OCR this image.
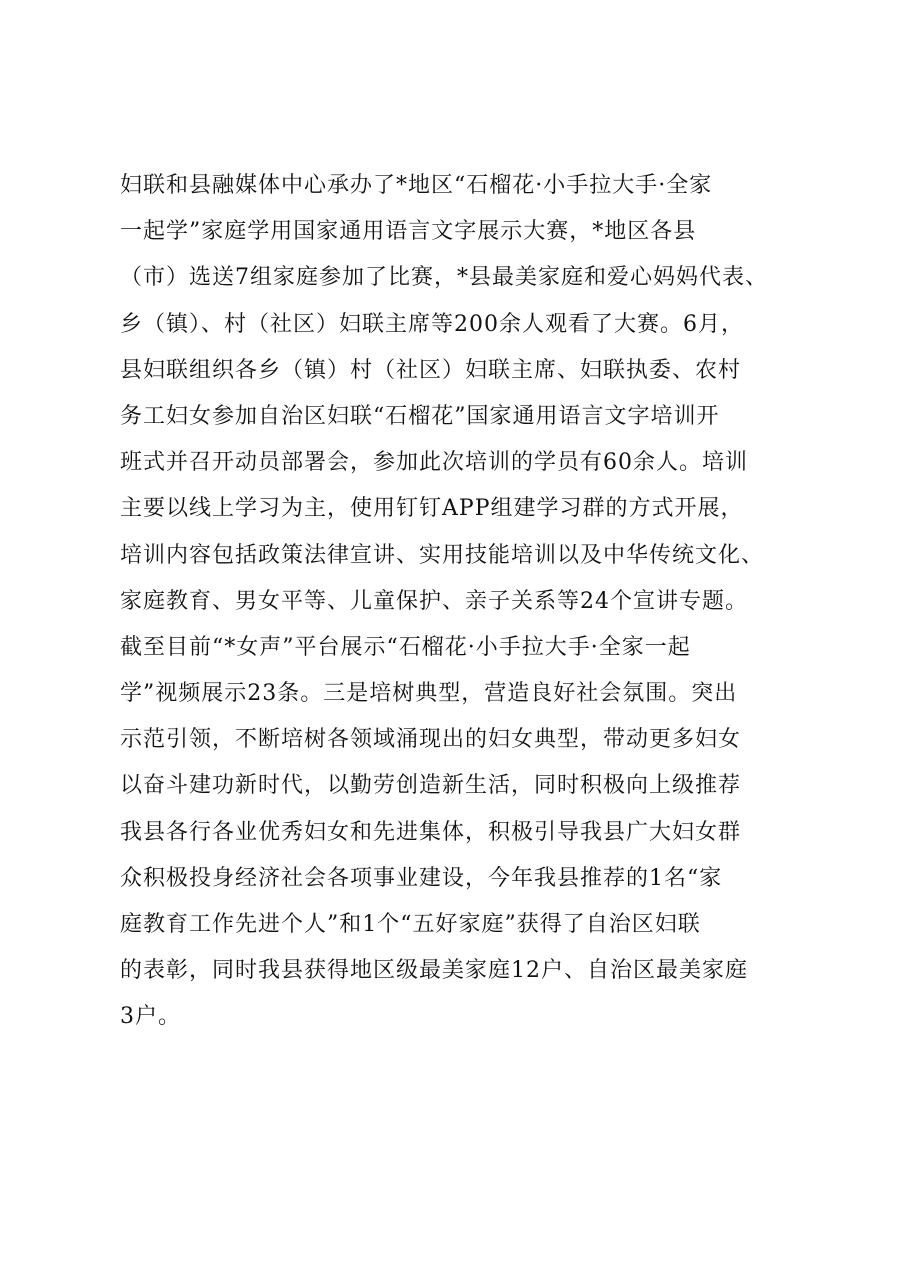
妇联和县融媒体中心承办了*地区“石榴花·小手拉大手·全家
一起学”家庭学用国家通用语言文字展示大赛，*地区各县
（市）选送7组家庭参加了比赛，*县最美家庭和爱心妈妈代表、
乡（镇）、村（社区）妇联主席等200余人观看了大赛。6月，
县妇联组织各乡（镇）村（社区）妇联主席、妇联执委、农村
务工妇女参加自治区妇联“石榴花”国家通用语言文字培训开
班式并召开动员部署会，参加此次培训的学员有60余人。培训
主要以线上学习为主，使用钉钉APP组建学习群的方式开展，
培训内容包括政策法律宣讲、实用技能培训以及中华传统文化、
家庭教育、男女平等、儿童保护、亲子关系等24个宣讲专题。
截至目前“*女声”平台展示“石榴花·小手拉大手·全家一起
学”视频展示23条。三是培树典型，营造良好社会氛围。突出
示范引领，不断培树各领域涌现出的妇女典型，带动更多妇女
以奋斗建功新时代，以勤劳创造新生活，同时积极向上级推荐
我县各行各业优秀妇女和先进集体，积极引导我县广大妇女群
众积极投身经济社会各项事业建设，今年我县推荐的1名“家
庭教育工作先进个人”和1个“五好家庭”获得了自治区妇联
的表彰，同时我县获得地区级最美家庭12户、自治区最美家庭
3户。
